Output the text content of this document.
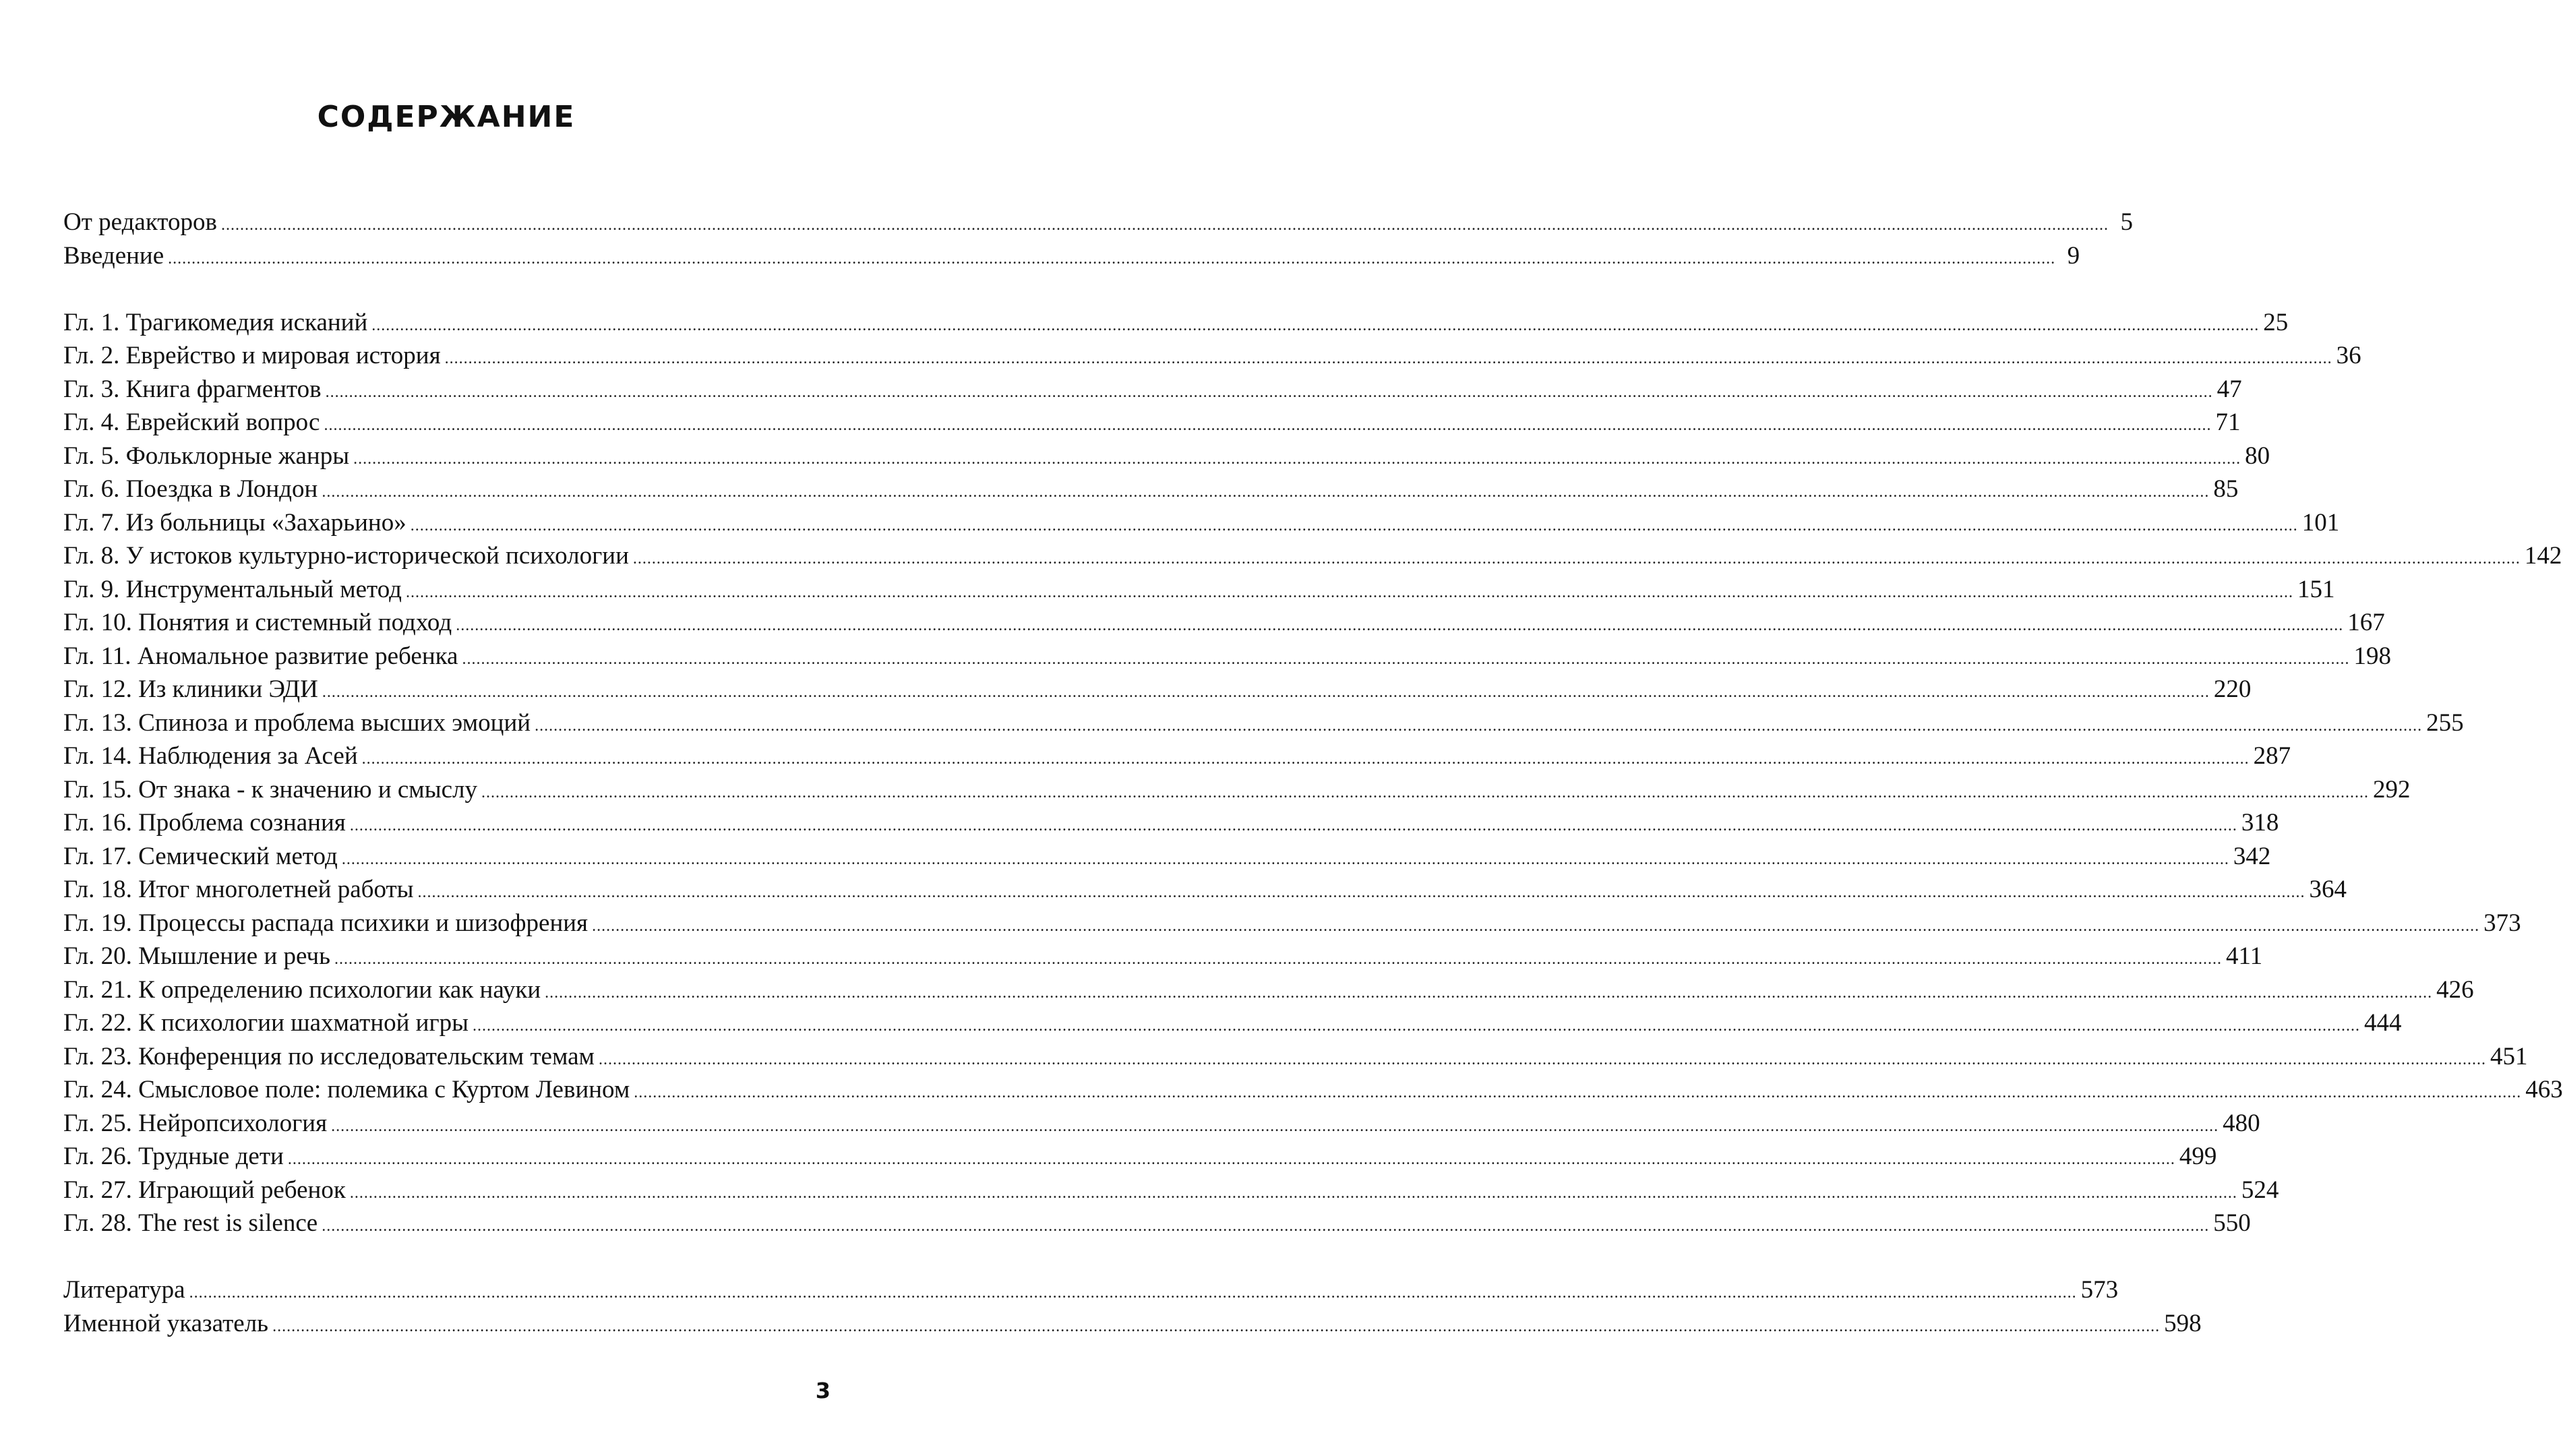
СОДЕРЖАНИЕ
От редакторов ................................................................................................................................................................................................................................................................................................................................................................................................................ 5
Введение ................................................................................................................................................................................................................................................................................................................................................................................................................ 9
Гл. 1. Трагикомедия исканий ................................................................................................................................................................................................................................................................................................................................................................................................................ 25
Гл. 2. Еврейство и мировая история ................................................................................................................................................................................................................................................................................................................................................................................................................ 36
Гл. 3. Книга фрагментов ................................................................................................................................................................................................................................................................................................................................................................................................................ 47
Гл. 4. Еврейский вопрос ................................................................................................................................................................................................................................................................................................................................................................................................................ 71
Гл. 5. Фольклорные жанры ................................................................................................................................................................................................................................................................................................................................................................................................................ 80
Гл. 6. Поездка в Лондон ................................................................................................................................................................................................................................................................................................................................................................................................................ 85
Гл. 7. Из больницы «Захарьино» ................................................................................................................................................................................................................................................................................................................................................................................................................ 101
Гл. 8. У истоков культурно-исторической психологии ................................................................................................................................................................................................................................................................................................................................................................................................................ 142
Гл. 9. Инструментальный метод ................................................................................................................................................................................................................................................................................................................................................................................................................ 151
Гл. 10. Понятия и системный подход ................................................................................................................................................................................................................................................................................................................................................................................................................ 167
Гл. 11. Аномальное развитие ребенка ................................................................................................................................................................................................................................................................................................................................................................................................................ 198
Гл. 12. Из клиники ЭДИ ................................................................................................................................................................................................................................................................................................................................................................................................................ 220
Гл. 13. Спиноза и проблема высших эмоций ................................................................................................................................................................................................................................................................................................................................................................................................................ 255
Гл. 14. Наблюдения за Асей ................................................................................................................................................................................................................................................................................................................................................................................................................ 287
Гл. 15. От знака - к значению и смыслу ................................................................................................................................................................................................................................................................................................................................................................................................................ 292
Гл. 16. Проблема сознания ................................................................................................................................................................................................................................................................................................................................................................................................................ 318
Гл. 17. Семический метод ................................................................................................................................................................................................................................................................................................................................................................................................................ 342
Гл. 18. Итог многолетней работы ................................................................................................................................................................................................................................................................................................................................................................................................................ 364
Гл. 19. Процессы распада психики и шизофрения ................................................................................................................................................................................................................................................................................................................................................................................................................ 373
Гл. 20. Мышление и речь ................................................................................................................................................................................................................................................................................................................................................................................................................ 411
Гл. 21. К определению психологии как науки ................................................................................................................................................................................................................................................................................................................................................................................................................ 426
Гл. 22. К психологии шахматной игры ................................................................................................................................................................................................................................................................................................................................................................................................................ 444
Гл. 23. Конференция по исследовательским темам ................................................................................................................................................................................................................................................................................................................................................................................................................ 451
Гл. 24. Смысловое поле: полемика с Куртом Левином ................................................................................................................................................................................................................................................................................................................................................................................................................ 463
Гл. 25. Нейропсихология ................................................................................................................................................................................................................................................................................................................................................................................................................ 480
Гл. 26. Трудные дети ................................................................................................................................................................................................................................................................................................................................................................................................................ 499
Гл. 27. Играющий ребенок ................................................................................................................................................................................................................................................................................................................................................................................................................ 524
Гл. 28. The rest is silence ................................................................................................................................................................................................................................................................................................................................................................................................................ 550
Литература ................................................................................................................................................................................................................................................................................................................................................................................................................ 573
Именной указатель ................................................................................................................................................................................................................................................................................................................................................................................................................ 598
3
